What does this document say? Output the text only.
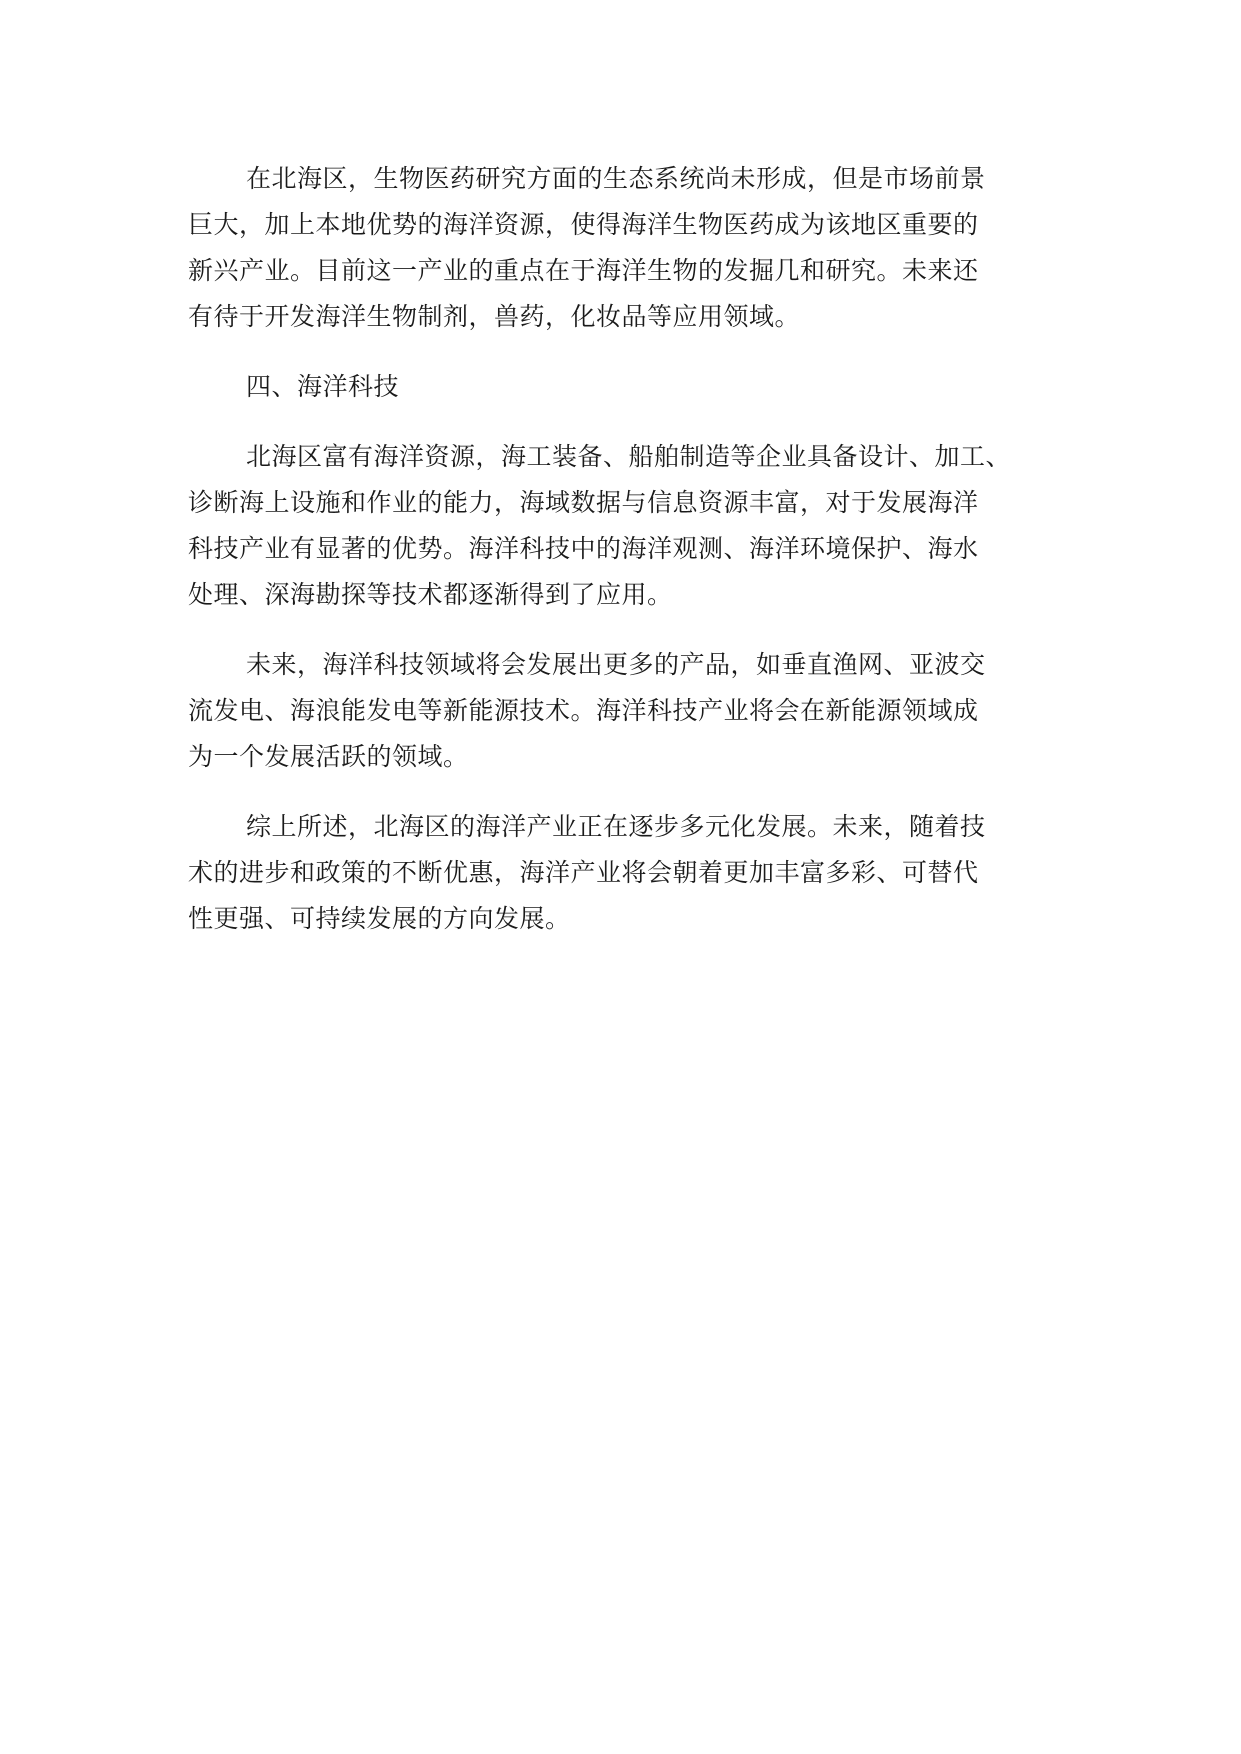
在北海区，生物医药研究方面的生态系统尚未形成，但是市场前景
巨大，加上本地优势的海洋资源，使得海洋生物医药成为该地区重要的
新兴产业。目前这一产业的重点在于海洋生物的发掘几和研究。未来还
有待于开发海洋生物制剂，兽药，化妆品等应用领域。

四、海洋科技

北海区富有海洋资源，海工装备、船舶制造等企业具备设计、加工、
诊断海上设施和作业的能力，海域数据与信息资源丰富，对于发展海洋
科技产业有显著的优势。海洋科技中的海洋观测、海洋环境保护、海水
处理、深海勘探等技术都逐渐得到了应用。

未来，海洋科技领域将会发展出更多的产品，如垂直渔网、亚波交
流发电、海浪能发电等新能源技术。海洋科技产业将会在新能源领域成
为一个发展活跃的领域。

综上所述，北海区的海洋产业正在逐步多元化发展。未来，随着技
术的进步和政策的不断优惠，海洋产业将会朝着更加丰富多彩、可替代
性更强、可持续发展的方向发展。
